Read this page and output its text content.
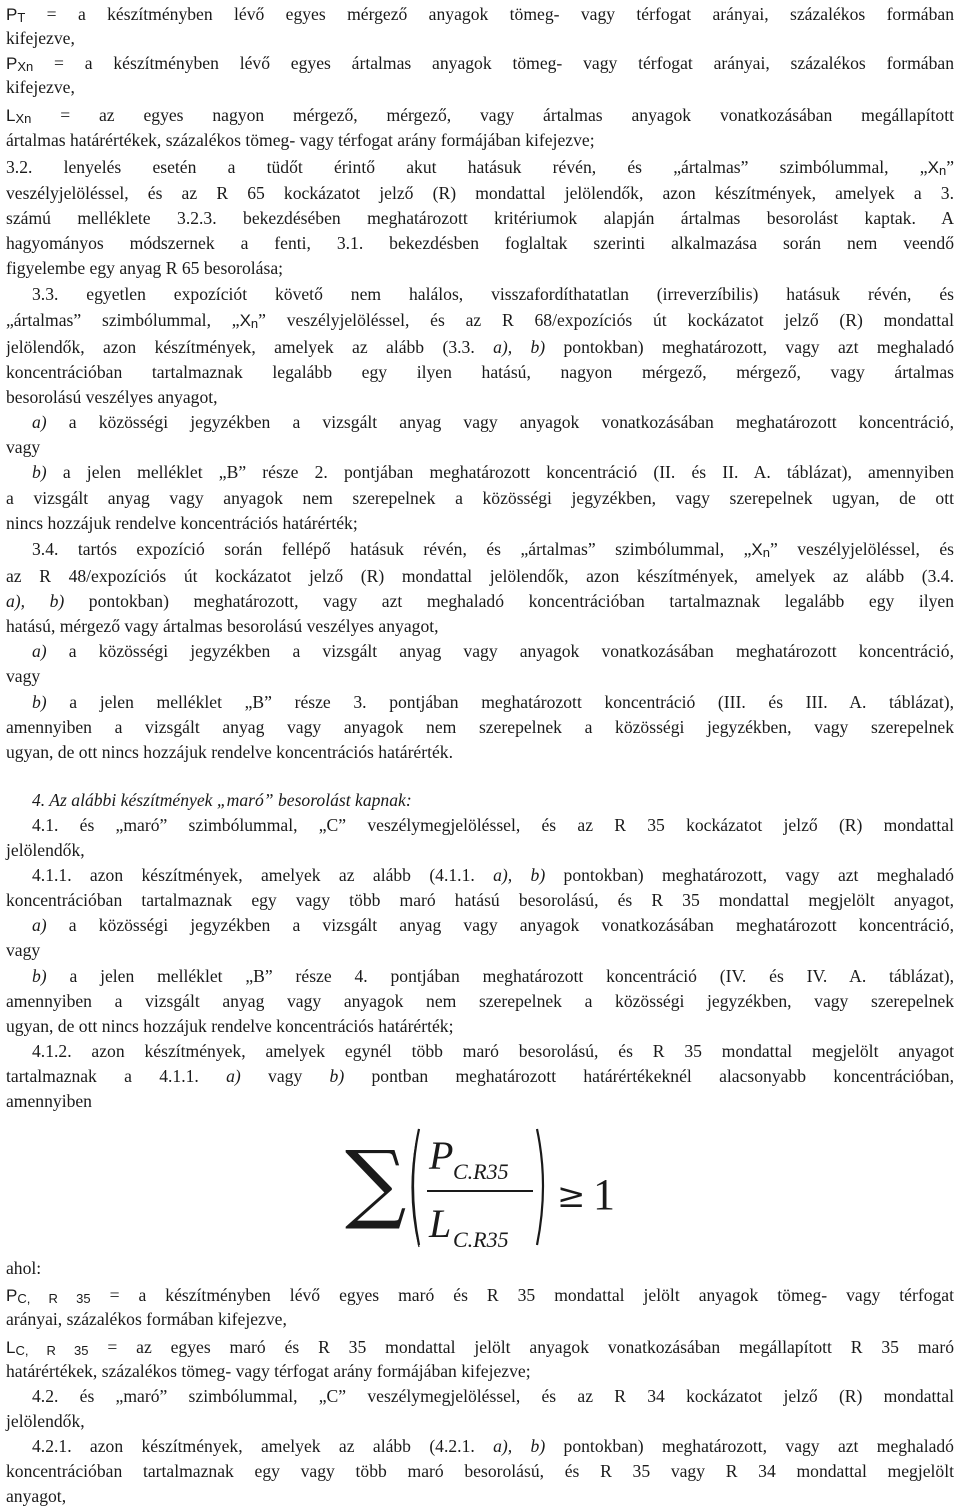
PT = a készítményben lévő egyes mérgező anyagok tömeg- vagy térfogat arányai, százalékos formában
kifejezve,
PXn = a készítményben lévő egyes ártalmas anyagok tömeg- vagy térfogat arányai, százalékos formában
kifejezve,
LXn = az egyes nagyon mérgező, mérgező, vagy ártalmas anyagok vonatkozásában megállapított
ártalmas határértékek, százalékos tömeg- vagy térfogat arány formájában kifejezve;
3.2. lenyelés esetén a tüdőt érintő akut hatásuk révén, és „ártalmas” szimbólummal, „Xn”
veszélyjelöléssel, és az R 65 kockázatot jelző (R) mondattal jelölendők, azon készítmények, amelyek a 3.
számú melléklete 3.2.3. bekezdésében meghatározott kritériumok alapján ártalmas besorolást kaptak. A
hagyományos módszernek a fenti, 3.1. bekezdésben foglaltak szerinti alkalmazása során nem veendő
figyelembe egy anyag R 65 besorolása;
3.3. egyetlen expozíciót követő nem halálos, visszafordíthatatlan (irreverzíbilis) hatásuk révén, és
„ártalmas” szimbólummal, „Xn” veszélyjelöléssel, és az R 68/expozíciós út kockázatot jelző (R) mondattal
jelölendők, azon készítmények, amelyek az alább (3.3. a), b) pontokban) meghatározott, vagy azt meghaladó
koncentrációban tartalmaznak legalább egy ilyen hatású, nagyon mérgező, mérgező, vagy ártalmas
besorolású veszélyes anyagot,
a) a közösségi jegyzékben a vizsgált anyag vagy anyagok vonatkozásában meghatározott koncentráció,
vagy
b) a jelen melléklet „B” része 2. pontjában meghatározott koncentráció (II. és II. A. táblázat), amennyiben
a vizsgált anyag vagy anyagok nem szerepelnek a közösségi jegyzékben, vagy szerepelnek ugyan, de ott
nincs hozzájuk rendelve koncentrációs határérték;
3.4. tartós expozíció során fellépő hatásuk révén, és „ártalmas” szimbólummal, „Xn” veszélyjelöléssel, és
az R 48/expozíciós út kockázatot jelző (R) mondattal jelölendők, azon készítmények, amelyek az alább (3.4.
a), b) pontokban) meghatározott, vagy azt meghaladó koncentrációban tartalmaznak legalább egy ilyen
hatású, mérgező vagy ártalmas besorolású veszélyes anyagot,
a) a közösségi jegyzékben a vizsgált anyag vagy anyagok vonatkozásában meghatározott koncentráció,
vagy
b) a jelen melléklet „B” része 3. pontjában meghatározott koncentráció (III. és III. A. táblázat),
amennyiben a vizsgált anyag vagy anyagok nem szerepelnek a közösségi jegyzékben, vagy szerepelnek
ugyan, de ott nincs hozzájuk rendelve koncentrációs határérték.
4. Az alábbi készítmények „maró” besorolást kapnak:
4.1. és „maró” szimbólummal, „C” veszélymegjelöléssel, és az R 35 kockázatot jelző (R) mondattal
jelölendők,
4.1.1. azon készítmények, amelyek az alább (4.1.1. a), b) pontokban) meghatározott, vagy azt meghaladó
koncentrációban tartalmaznak egy vagy több maró hatású besorolású, és R 35 mondattal megjelölt anyagot,
a) a közösségi jegyzékben a vizsgált anyag vagy anyagok vonatkozásában meghatározott koncentráció,
vagy
b) a jelen melléklet „B” része 4. pontjában meghatározott koncentráció (IV. és IV. A. táblázat),
amennyiben a vizsgált anyag vagy anyagok nem szerepelnek a közösségi jegyzékben, vagy szerepelnek
ugyan, de ott nincs hozzájuk rendelve koncentrációs határérték;
4.1.2. azon készítmények, amelyek egynél több maró besorolású, és R 35 mondattal megjelölt anyagot
tartalmaznak a 4.1.1. a) vagy b) pontban meghatározott határértékeknél alacsonyabb koncentrációban,
amennyiben
∑ P C.R35
L C.R35
≥ 1
ahol:
PC, R 35 = a készítményben lévő egyes maró és R 35 mondattal jelölt anyagok tömeg- vagy térfogat
arányai, százalékos formában kifejezve,
LC, R 35 = az egyes maró és R 35 mondattal jelölt anyagok vonatkozásában megállapított R 35 maró
határértékek, százalékos tömeg- vagy térfogat arány formájában kifejezve;
4.2. és „maró” szimbólummal, „C” veszélymegjelöléssel, és az R 34 kockázatot jelző (R) mondattal
jelölendők,
4.2.1. azon készítmények, amelyek az alább (4.2.1. a), b) pontokban) meghatározott, vagy azt meghaladó
koncentrációban tartalmaznak egy vagy több maró besorolású, és R 35 vagy R 34 mondattal megjelölt
anyagot,
